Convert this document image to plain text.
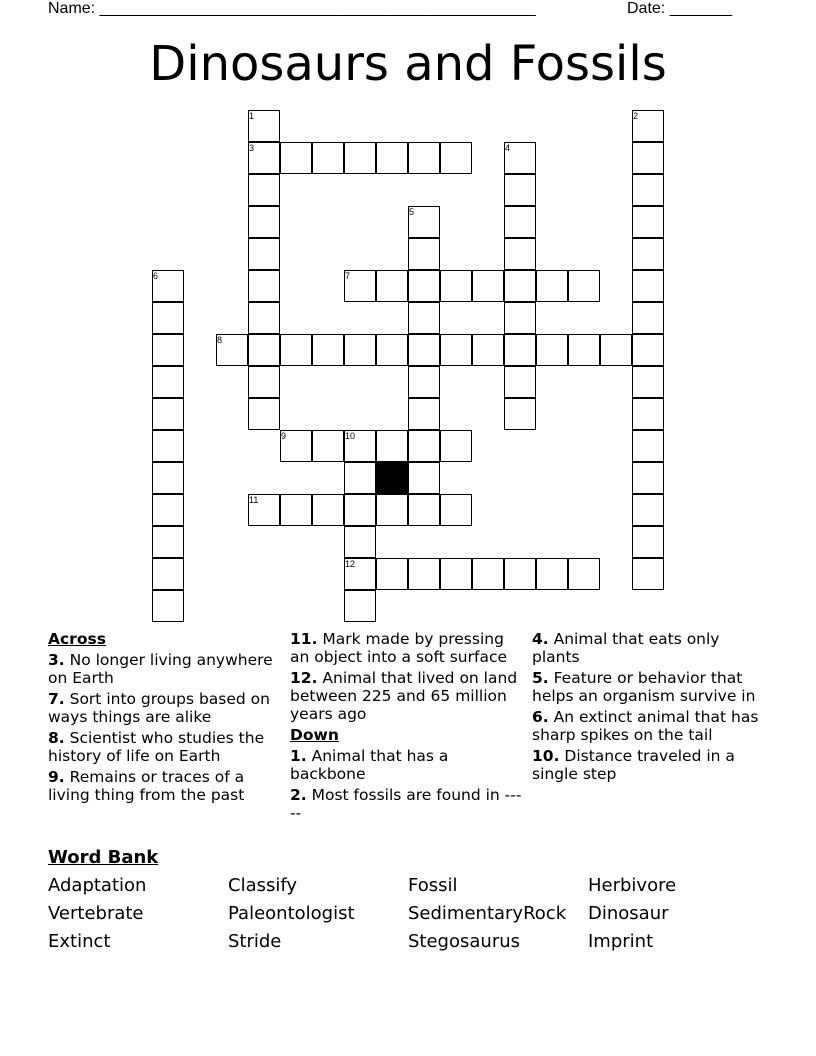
Name: _________________________________________________	Date: _______
Dinosaurs and Fossils
1	2
3	4
5
6	7
8
9	10
11
12
Across
3. No longer living anywhere on Earth
7. Sort into groups based on ways things are alike
8. Scientist who studies the history of life on Earth
9. Remains or traces of a living thing from the past
11. Mark made by pressing an object into a soft surface
12. Animal that lived on land between 225 and 65 million years ago
Down
1. Animal that has a backbone
2. Most fossils are found in -----
4. Animal that eats only plants
5. Feature or behavior that helps an organism survive in
6. An extinct animal that has sharp spikes on the tail
10. Distance traveled in a single step
Word Bank
Adaptation	Classify	Fossil	Herbivore
Vertebrate	Paleontologist	SedimentaryRock Dinosaur
Extinct	Stride	Stegosaurus	Imprint
